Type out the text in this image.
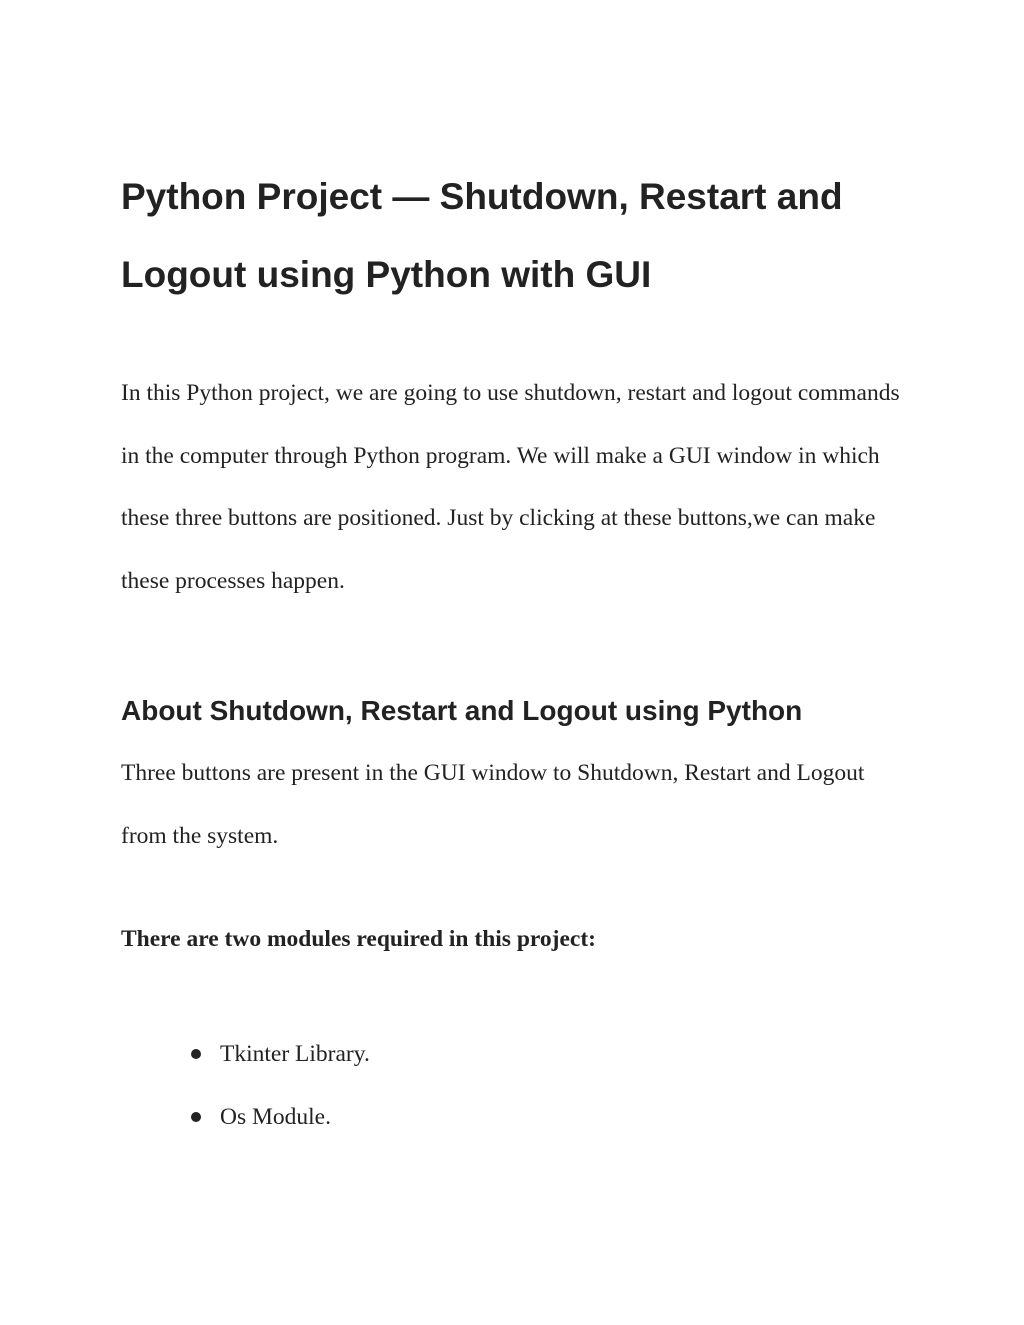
Python Project — Shutdown, Restart and Logout using Python with GUI

In this Python project, we are going to use shutdown, restart and logout commands in the computer through Python program. We will make a GUI window in which these three buttons are positioned. Just by clicking at these buttons,we can make these processes happen.

About Shutdown, Restart and Logout using Python

Three buttons are present in the GUI window to Shutdown, Restart and Logout from the system.

There are two modules required in this project:

Tkinter Library.
Os Module.
